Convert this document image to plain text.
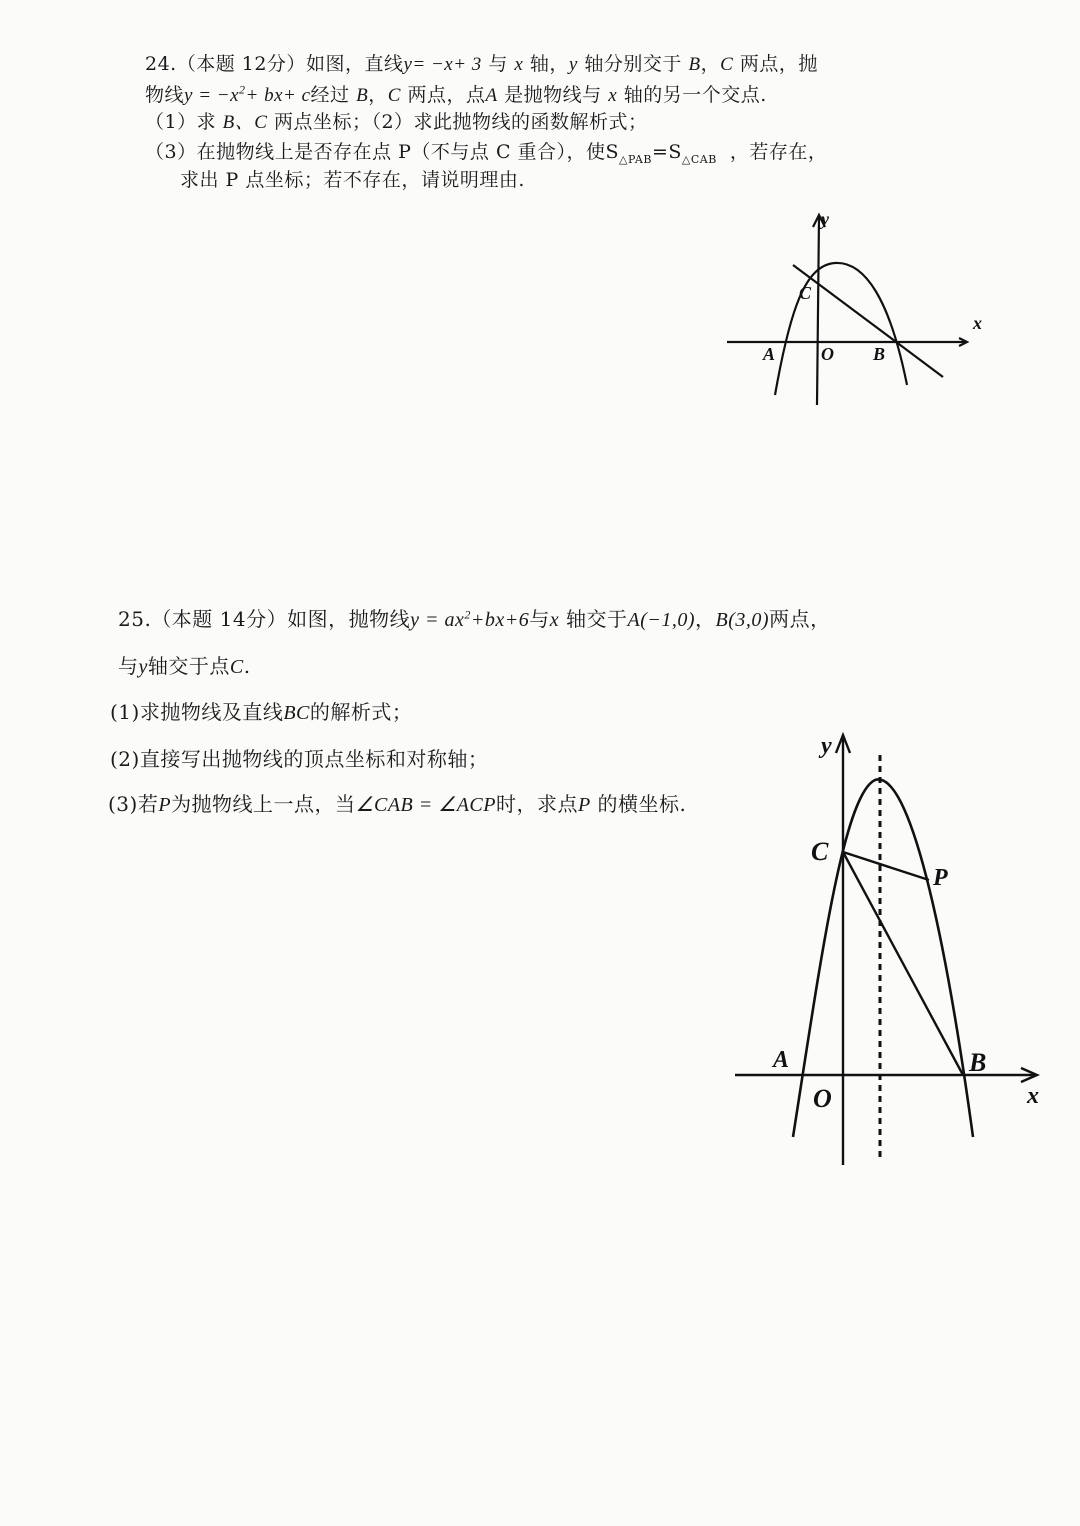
24.（本题 12分）如图，直线y= −x+ 3 与 x 轴，y 轴分别交于 B，C 两点，抛
物线$y = -x^2+ bx+ c$经过 B，C 两点，点A 是抛物线与 x 轴的另一个交点.
（1）求 B、C 两点坐标；（2）求此抛物线的函数解析式；
（3）在抛物线上是否存在点 P（不与点 C 重合），使$S_{\triangle PAB}=S_{\triangle CAB}$ ，若存在，
求出 P 点坐标；若不存在，请说明理由.
y
x
C
A	O B
25.（本题 14分）如图，抛物线$y = ax^2+bx+6$与x 轴交于A(−1,0)，B(3,0)两点，
与y轴交于点C.
(1)求抛物线及直线BC的解析式；
(2)直接写出抛物线的顶点坐标和对称轴；
(3)若P为抛物线上一点，当∠CAB = ∠ACP时，求点P 的横坐标.
y
x
C
P
A
O
B
